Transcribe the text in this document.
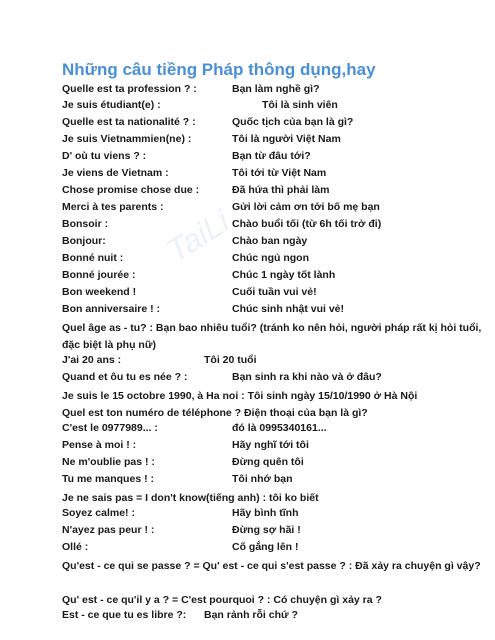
TaiLi
Những câu tiềng Pháp thông dụng,hay
Quelle est ta profession ? :	Bạn làm nghề gì?
Je suis étudiant(e) :	Tôi là sinh viên
Quelle est ta nationalité ? :	Quốc tịch của bạn là gì?
Je suis Vietnammien(ne) :	Tôi là người Việt Nam
D' où tu viens ? :	Bạn từ đâu tới?
Je viens de Vietnam :	Tôi tới từ Việt Nam
Chose promise chose due :	Đã hứa thì phải làm
Merci à tes parents :	Gửi lời cảm ơn tới bố mẹ bạn
Bonsoir :	Chào buổi tối (từ 6h tối trở đi)
Bonjour:	Chào ban ngày
Bonné nuit :	Chúc ngủ ngon
Bonné jourée :	Chúc 1 ngày tốt lành
Bon weekend !	Cuối tuần vui vẻ!
Bon anniversaire ! :	Chúc sinh nhật vui vẻ!
Quel âge as - tu? : Bạn bao nhiêu tuổi? (tránh ko nên hỏi, người pháp rất kị hỏi tuổi, đặc biệt là phụ nữ)
J'ai 20 ans :	Tôi 20 tuổi
Quand et ôu tu es née ? :	Bạn sinh ra khi nào và ở đâu?
Je suis le 15 octobre 1990, à Ha noi : Tôi sinh ngày 15/10/1990 ở Hà Nội
Quel est ton numéro de téléphone ? Điện thoại của bạn là gì?
C'est le 0977989... :	đó là 0995340161...
Pense à moi ! :	Hãy nghĩ tới tôi
Ne m'oublie pas ! :	Đừng quên tôi
Tu me manques ! :	Tôi nhớ bạn
Je ne sais pas = I don't know(tiếng anh) : tôi ko biết
Soyez calme! :	Hãy bình tĩnh
N'ayez pas peur ! :	Đừng sợ hãi !
Ollé :	Cố gắng lên !
Qu'est - ce qui se passe ? = Qu' est - ce qui s'est passe ? : Đã xảy ra chuyện gì vậy?
Qu' est - ce qu'il y a ? = C'est pourquoi ? : Có chuyện gì xảy ra ?
Est - ce que tu es libre ?: Bạn rảnh rỗi chứ ?
